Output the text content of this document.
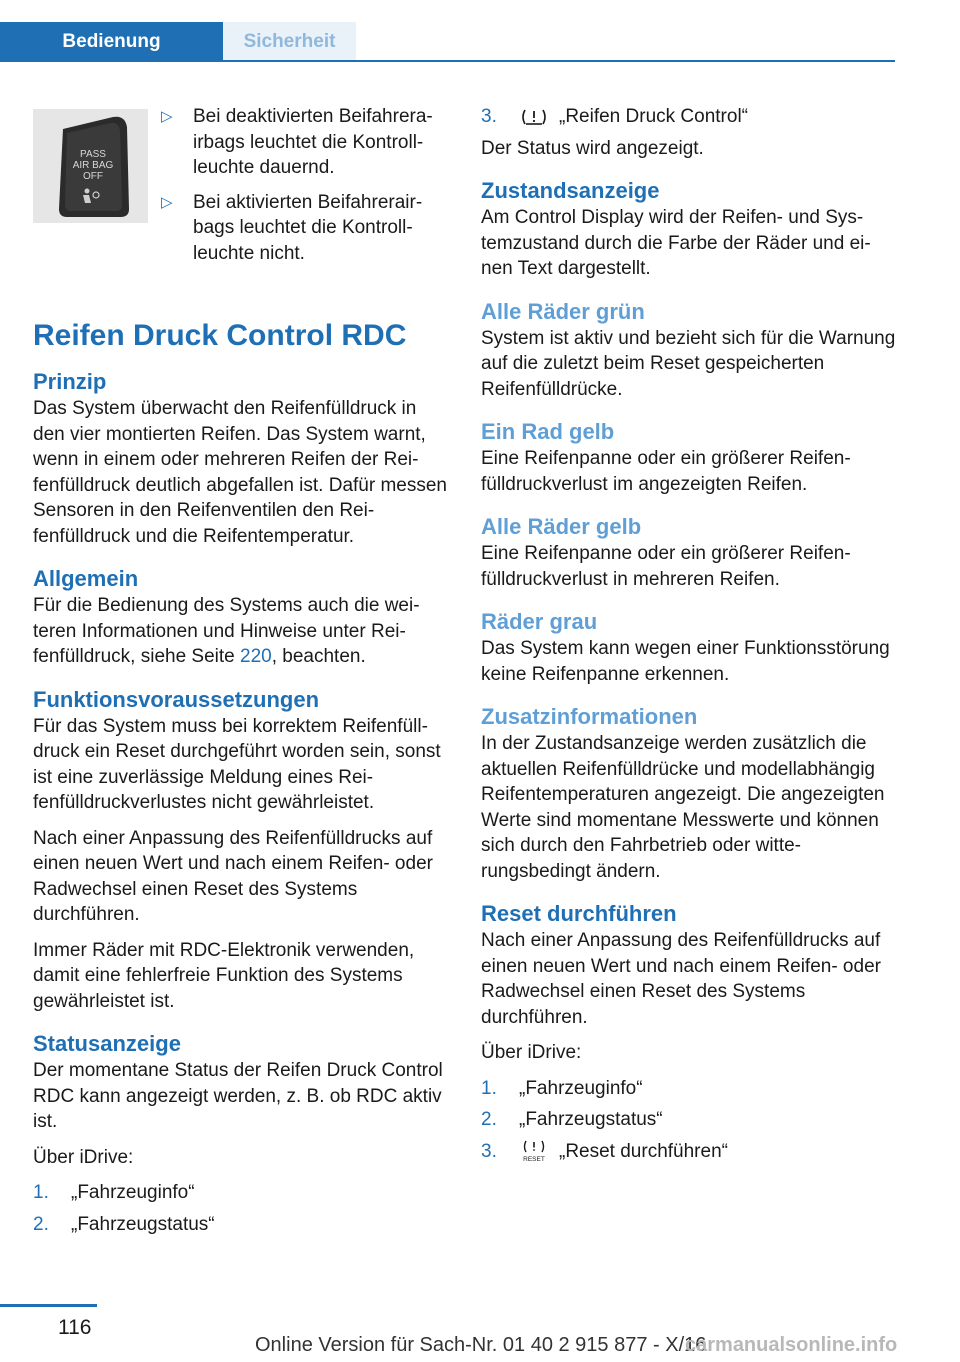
Bedienung	Sicherheit
PASS
AIR BAG
OFF
▷	Bei deaktivierten Beifahrerairbags leuchtet die Kontrollleuchte dauernd.
▷	Bei aktivierten Beifahrerairbags leuchtet die Kontrollleuchte nicht.
Reifen Druck Control RDC
Prinzip

Das System überwacht den Reifenfülldruck in den vier montierten Reifen. Das System warnt, wenn in einem oder mehreren Reifen der Reifenfülldruck deutlich abgefallen ist. Dafür messen Sensoren in den Reifenventilen den Reifenfülldruck und die Reifentemperatur.

Allgemein

Für die Bedienung des Systems auch die weiteren Informationen und Hinweise unter Reifenfülldruck, siehe Seite 220, beachten.

Funktionsvoraussetzungen

Für das System muss bei korrektem Reifenfülldruck ein Reset durchgeführt worden sein, sonst ist eine zuverlässige Meldung eines Reifenfülldruckverlustes nicht gewährleistet.

Nach einer Anpassung des Reifenfülldrucks auf einen neuen Wert und nach einem Reifen- oder Radwechsel einen Reset des Systems durchführen.

Immer Räder mit RDC-Elektronik verwenden, damit eine fehlerfreie Funktion des Systems gewährleistet ist.

Statusanzeige

Der momentane Status der Reifen Druck Control RDC kann angezeigt werden, z. B. ob RDC aktiv ist.

Über iDrive:

1.	„Fahrzeuginfo“
2.	„Fahrzeugstatus“
3.	„Reifen Druck Control“

Der Status wird angezeigt.

Zustandsanzeige

Am Control Display wird der Reifen- und Systemzustand durch die Farbe der Räder und einen Text dargestellt.

Alle Räder grün

System ist aktiv und bezieht sich für die Warnung auf die zuletzt beim Reset gespeicherten Reifenfülldrücke.

Ein Rad gelb

Eine Reifenpanne oder ein größerer Reifenfülldruckverlust im angezeigten Reifen.

Alle Räder gelb

Eine Reifenpanne oder ein größerer Reifenfülldruckverlust in mehreren Reifen.

Räder grau

Das System kann wegen einer Funktionsstörung keine Reifenpanne erkennen.

Zusatzinformationen

In der Zustandsanzeige werden zusätzlich die aktuellen Reifenfülldrücke und modellabhängig Reifentemperaturen angezeigt. Die angezeigten Werte sind momentane Messwerte und können sich durch den Fahrbetrieb oder witterungsbedingt ändern.

Reset durchführen

Nach einer Anpassung des Reifenfülldrucks auf einen neuen Wert und nach einem Reifen- oder Radwechsel einen Reset des Systems durchführen.

Über iDrive:

1.	„Fahrzeuginfo“
2.	„Fahrzeugstatus“
3.	RESET „Reset durchführen“
116
Online Version für Sach-Nr. 01 40 2 915 877 - X/16
carmanualsonline.info
